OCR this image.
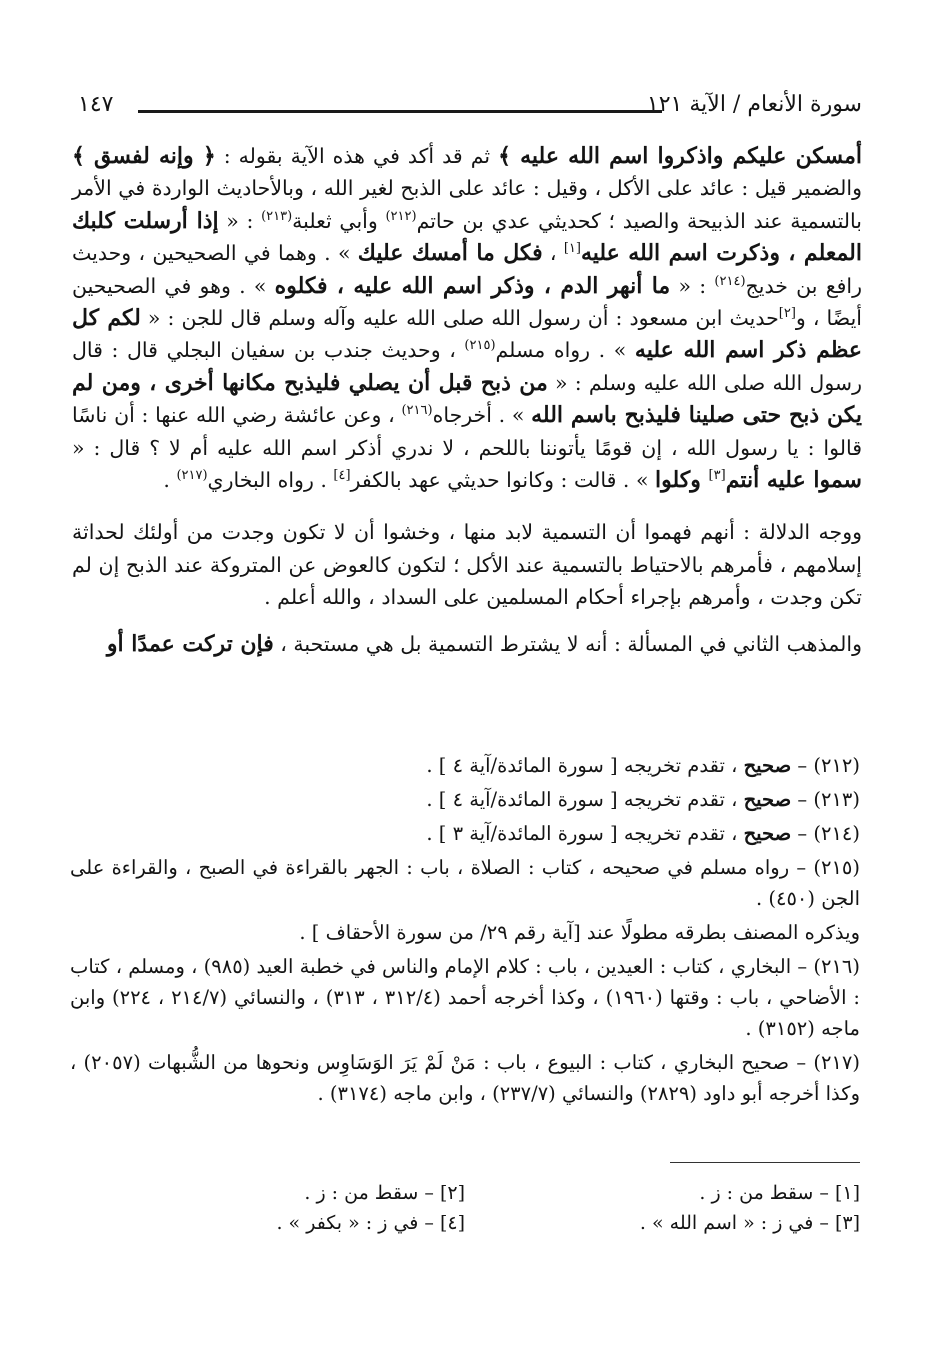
سورة الأنعام / الآية ١٢١
١٤٧

أمسكن عليكم واذكروا اسم الله عليه ﴾ ثم قد أكد في هذه الآية بقوله : ﴿ وإنه لفسق ﴾ والضمير قيل : عائد على الأكل ، وقيل : عائد على الذبح لغير الله ، وبالأحاديث الواردة في الأمر بالتسمية عند الذبيحة والصيد ؛ كحديثي عدي بن حاتم$^{(٢١٢)}$ وأبي ثعلبة$^{(٢١٣)}$ : « إذا أرسلت كلبك المعلم ، وذكرت اسم الله عليه[١] ، فكل ما أمسك عليك » . وهما في الصحيحين ، وحديث رافع بن خديج$^{(٢١٤)}$ : « ما أنهر الدم ، وذكر اسم الله عليه ، فكلوه » . وهو في الصحيحين أيضًا ، و[٢]حديث ابن مسعود : أن رسول الله صلى الله عليه وآله وسلم قال للجن : « لكم كل عظم ذكر اسم الله عليه » . رواه مسلم$^{(٢١٥)}$ ، وحديث جندب بن سفيان البجلي قال : قال رسول الله صلى الله عليه وسلم : « من ذبح قبل أن يصلي فليذبح مكانها أخرى ، ومن لم يكن ذبح حتى صلينا فليذبح باسم الله » . أخرجاه$^{(٢١٦)}$ ، وعن عائشة رضي الله عنها : أن ناسًا قالوا : يا رسول الله ، إن قومًا يأتوننا باللحم ، لا ندري أذكر اسم الله عليه أم لا ؟ قال : « سموا عليه أنتم[٣] وكلوا » . قالت : وكانوا حديثي عهد بالكفر[٤] . رواه البخاري$^{(٢١٧)}$ .

ووجه الدلالة : أنهم فهموا أن التسمية لابد منها ، وخشوا أن لا تكون وجدت من أولئك لحداثة إسلامهم ، فأمرهم بالاحتياط بالتسمية عند الأكل ؛ لتكون كالعوض عن المتروكة عند الذبح إن لم تكن وجدت ، وأمرهم بإجراء أحكام المسلمين على السداد ، والله أعلم .

والمذهب الثاني في المسألة : أنه لا يشترط التسمية بل هي مستحبة ، فإن تركت عمدًا أو

(٢١٢) – صحيح ، تقدم تخريجه [ سورة المائدة/آية ٤ ] .

(٢١٣) – صحيح ، تقدم تخريجه [ سورة المائدة/آية ٤ ] .

(٢١٤) – صحيح ، تقدم تخريجه [ سورة المائدة/آية ٣ ] .

(٢١٥) – رواه مسلم في صحيحه ، كتاب : الصلاة ، باب : الجهر بالقراءة في الصبح ، والقراءة على الجن (٤٥٠) .

ويذكره المصنف بطرقه مطولًا عند [آية رقم ٢٩/ من سورة الأحقاف ] .

(٢١٦) – البخاري ، كتاب : العيدين ، باب : كلام الإمام والناس في خطبة العيد (٩٨٥) ، ومسلم ، كتاب : الأضاحي ، باب : وقتها (١٩٦٠) ، وكذا أخرجه أحمد (٣١٢/٤ ، ٣١٣) ، والنسائي (٢١٤/٧ ، ٢٢٤) وابن ماجه (٣١٥٢) .

(٢١٧) – صحيح البخاري ، كتاب : البيوع ، باب : مَنْ لَمْ يَرَ الوَسَاوِس ونحوها من الشُّبهات (٢٠٥٧) ، وكذا أخرجه أبو داود (٢٨٢٩) والنسائي (٢٣٧/٧) ، وابن ماجه (٣١٧٤) .

[١] – سقط من : ز .
[٢] – سقط من : ز .
[٣] – في ز : « اسم الله » .
[٤] – في ز : « بكفر » .
